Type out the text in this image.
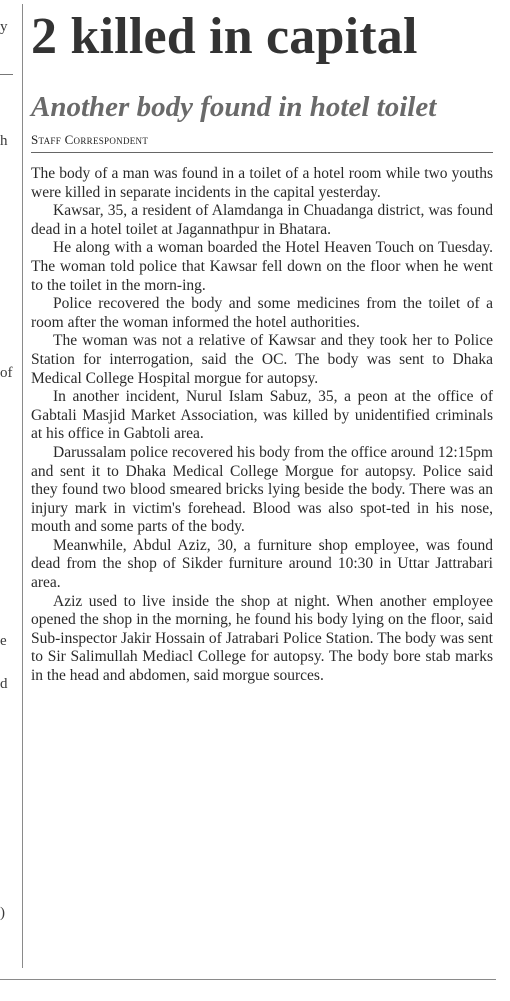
y
h
of
e
d
)
2 killed in capital
Another body found in hotel toilet
Staff Correspondent

The body of a man was found in a toilet of a hotel room while two youths were killed in separate incidents in the capital yesterday.

Kawsar, 35, a resident of Alamdanga in Chuadanga district, was found dead in a hotel toilet at Jagannathpur in Bhatara.

He along with a woman boarded the Hotel Heaven Touch on Tuesday. The woman told police that Kawsar fell down on the floor when he went to the toilet in the morn-ing.

Police recovered the body and some medicines from the toilet of a room after the woman informed the hotel authorities.

The woman was not a relative of Kawsar and they took her to Police Station for interrogation, said the OC. The body was sent to Dhaka Medical College Hospital morgue for autopsy.

In another incident, Nurul Islam Sabuz, 35, a peon at the office of Gabtali Masjid Market Association, was killed by unidentified criminals at his office in Gabtoli area.

Darussalam police recovered his body from the office around 12:15pm and sent it to Dhaka Medical College Morgue for autopsy. Police said they found two blood smeared bricks lying beside the body. There was an injury mark in victim's forehead. Blood was also spot-ted in his nose, mouth and some parts of the body.

Meanwhile, Abdul Aziz, 30, a furniture shop employee, was found dead from the shop of Sikder furniture around 10:30 in Uttar Jattrabari area.

Aziz used to live inside the shop at night. When another employee opened the shop in the morning, he found his body lying on the floor, said Sub-inspector Jakir Hossain of Jatrabari Police Station. The body was sent to Sir Salimullah Mediacl College for autopsy. The body bore stab marks in the head and abdomen, said morgue sources.
